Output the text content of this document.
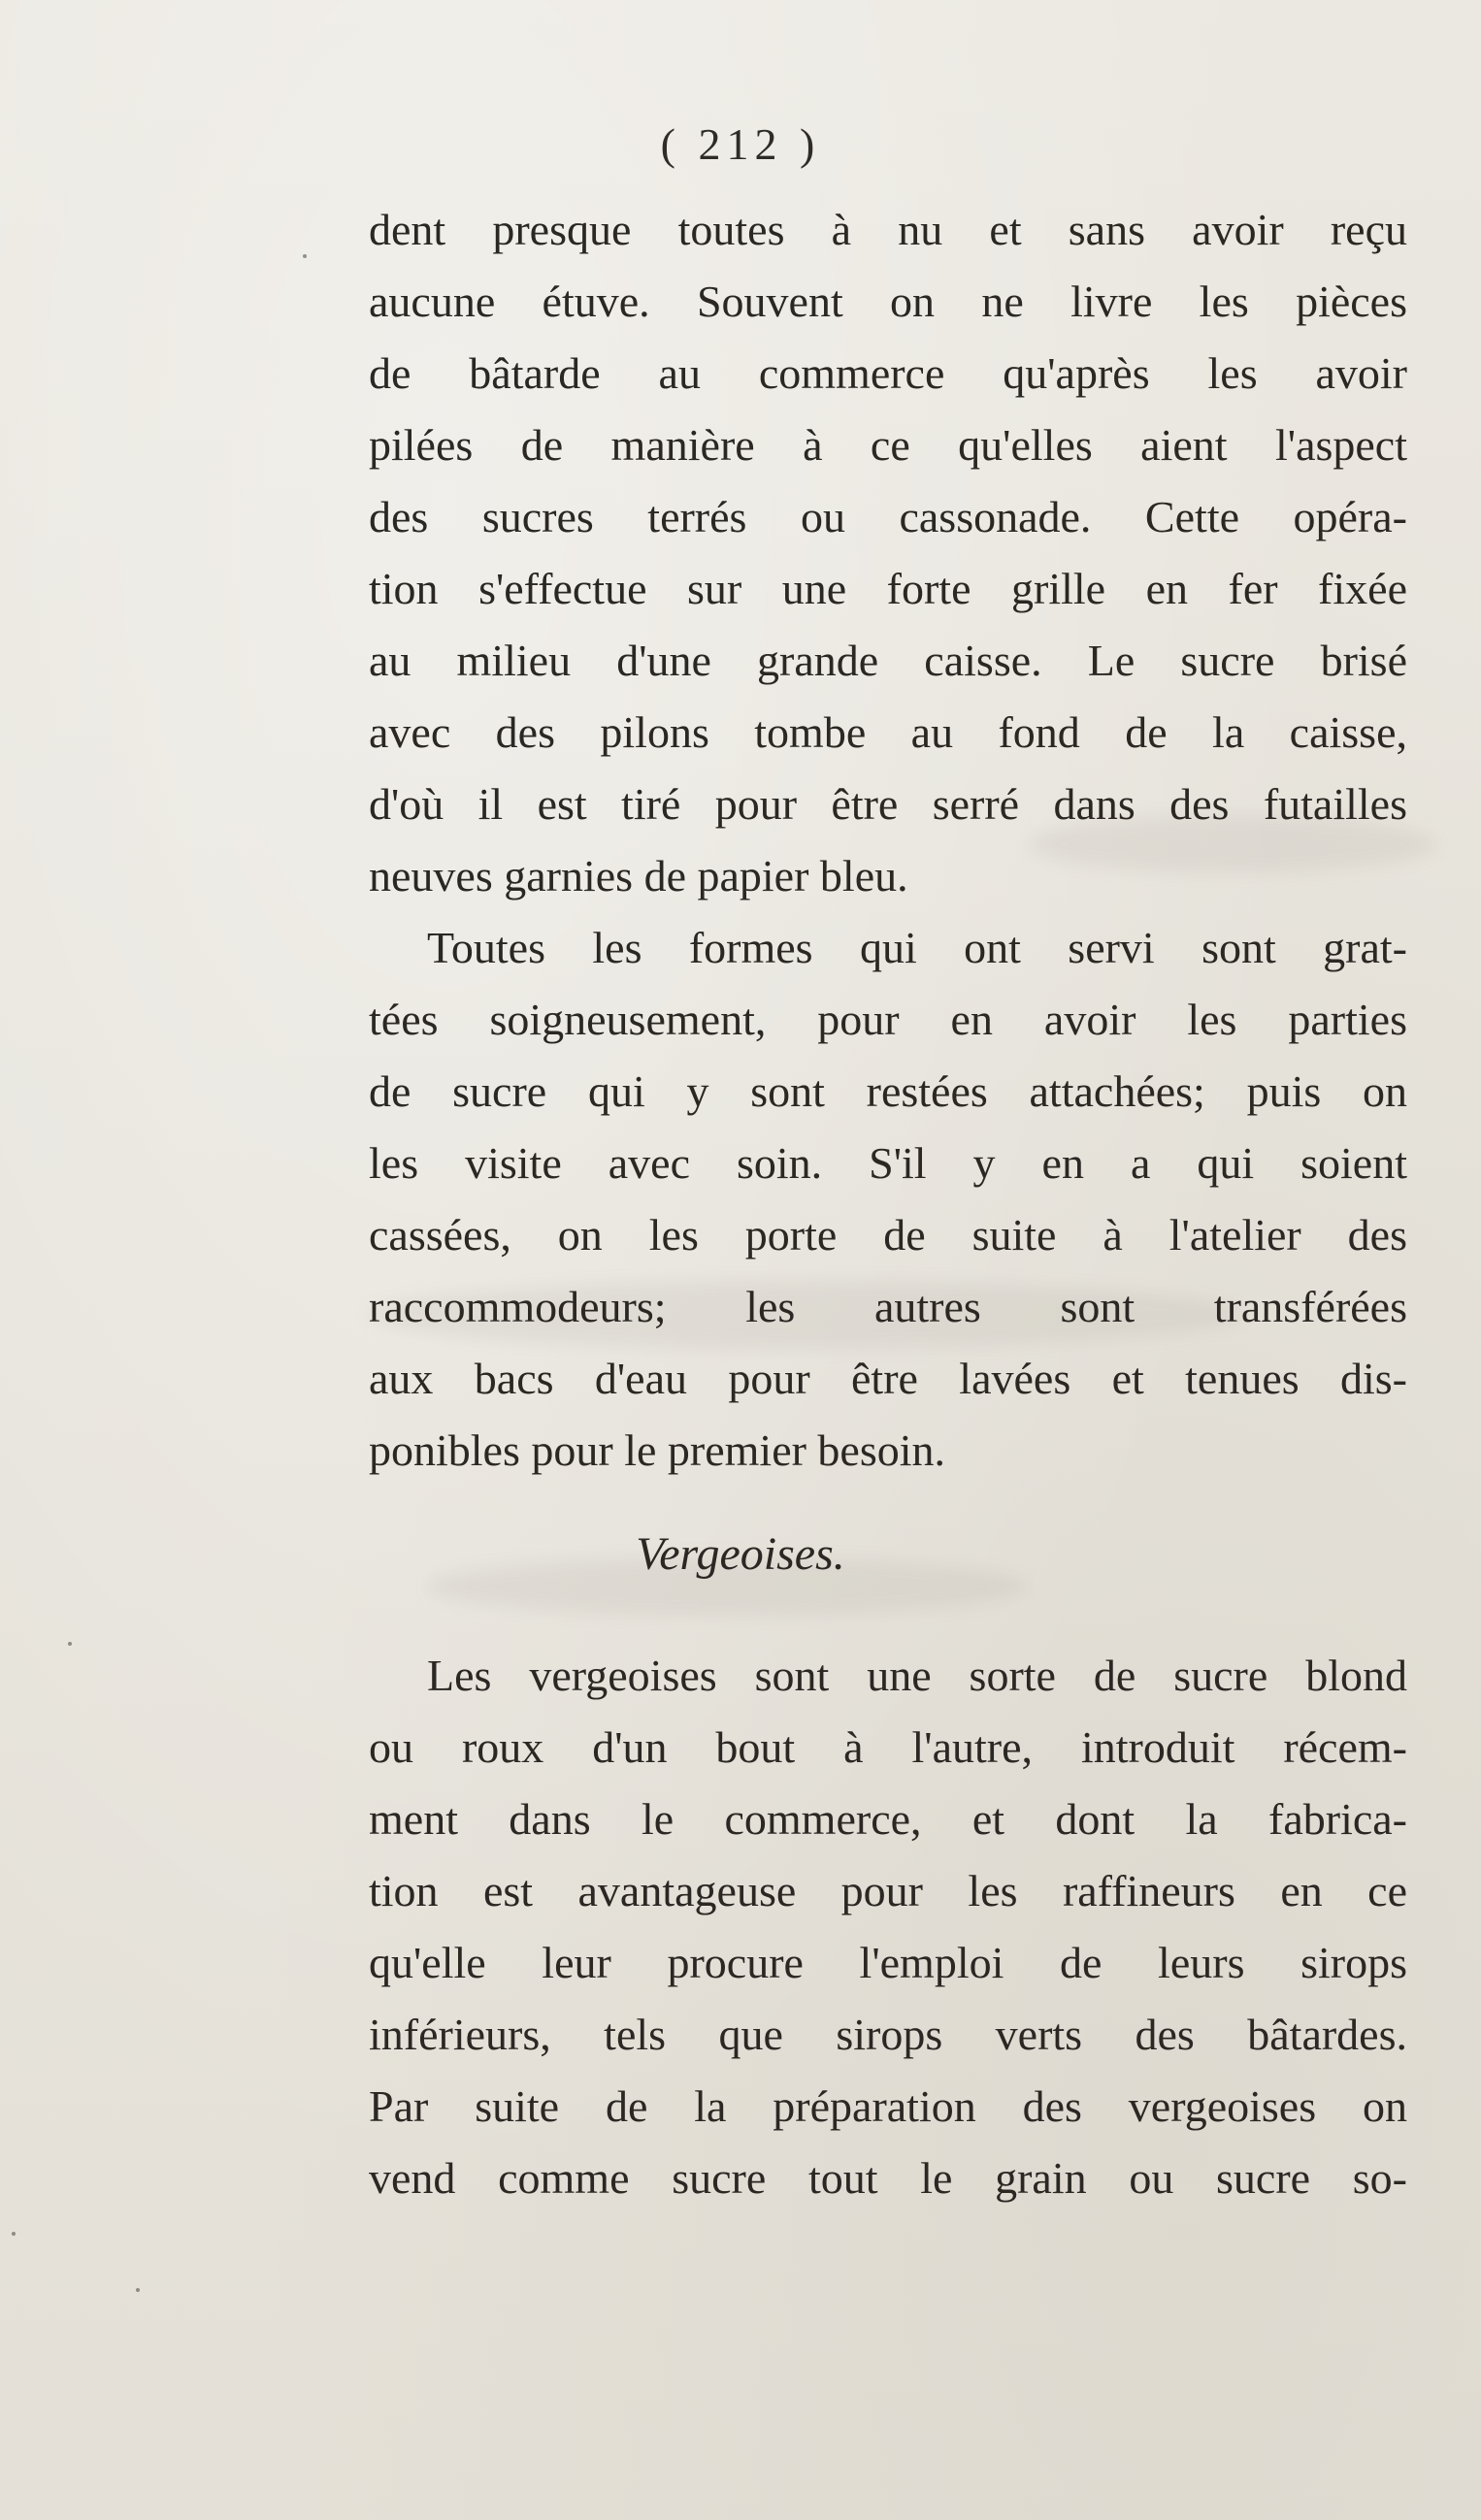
( 212 )
dent presque toutes à nu et sans avoir reçu
aucune étuve. Souvent on ne livre les pièces
de bâtarde au commerce qu'après les avoir
pilées de manière à ce qu'elles aient l'aspect
des sucres terrés ou cassonade. Cette opéra-
tion s'effectue sur une forte grille en fer fixée
au milieu d'une grande caisse. Le sucre brisé
avec des pilons tombe au fond de la caisse,
d'où il est tiré pour être serré dans des futailles
neuves garnies de papier bleu.
Toutes les formes qui ont servi sont grat-
tées soigneusement, pour en avoir les parties
de sucre qui y sont restées attachées; puis on
les visite avec soin. S'il y en a qui soient
cassées, on les porte de suite à l'atelier des
raccommodeurs; les autres sont transférées
aux bacs d'eau pour être lavées et tenues dis-
ponibles pour le premier besoin.
Vergeoises.
Les vergeoises sont une sorte de sucre blond
ou roux d'un bout à l'autre, introduit récem-
ment dans le commerce, et dont la fabrica-
tion est avantageuse pour les raffineurs en ce
qu'elle leur procure l'emploi de leurs sirops
inférieurs, tels que sirops verts des bâtardes.
Par suite de la préparation des vergeoises on
vend comme sucre tout le grain ou sucre so-
